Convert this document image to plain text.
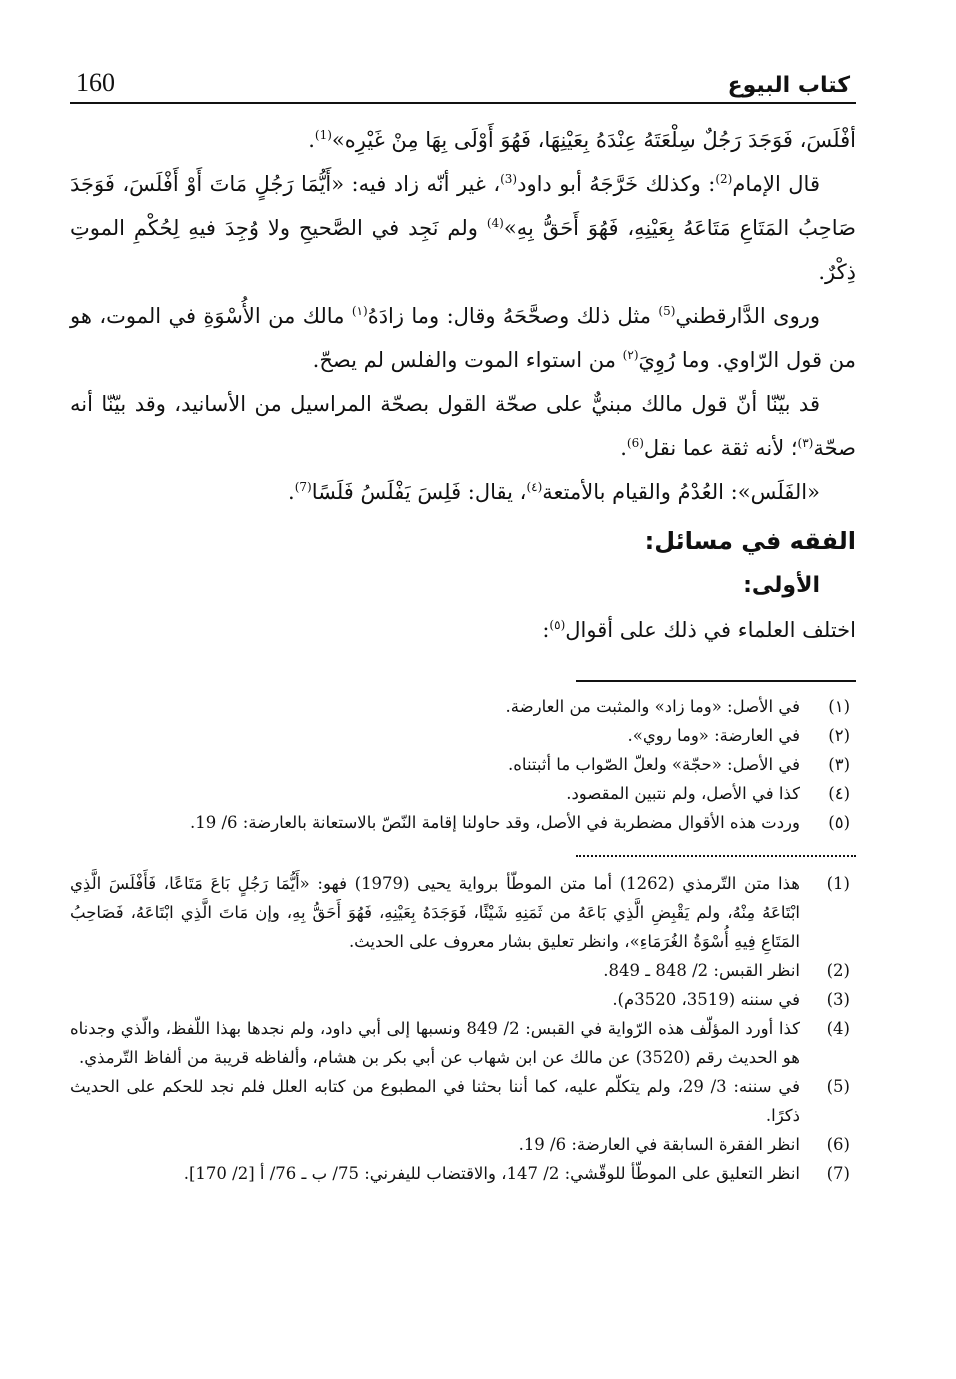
كتاب البيوع
160

أفْلَسَ، فَوَجَدَ رَجُلٌ سِلْعَتَهُ عِنْدَهُ بِعَيْنِهَا، فَهُوَ أَوْلَى بِهَا مِنْ غَيْرِه»$^{(1)}$.

قال الإمام$^{(2)}$: وكذلك خَرَّجَهُ أبو داود$^{(3)}$، غير أنّه زاد فيه: «أَيُّمَا رَجُلٍ مَاتَ أَوْ أَفْلَسَ، فَوَجَدَ صَاحِبُ المَتَاعِ مَتَاعَهُ بِعَيْنِهِ، فَهُوَ أَحَقُّ بِهِ»$^{(4)}$ ولم نَجِد في الصَّحيحِ ولا وُجِدَ فيهِ لِحُكْمِ الموتِ ذِكْرٌ.

وروى الدَّارقطني$^{(5)}$ مثل ذلك وصحَّحَهُ وقال: وما زادَهُ$^{(١)}$ مالك من الأُسْوَةِ في الموت، هو من قول الرّاوي. وما رُوِيَ$^{(٢)}$ من استواء الموت والفلس لم يصحّ.

قد بيّنّا أنّ قول مالك مبنيٌّ على صحّة القول بصحّة المراسيل من الأسانيد، وقد بيّنّا أنه صحّة$^{(٣)}$؛ لأنه ثقة عما نقل$^{(6)}$.

«الفَلَس»: العُدْمُ والقيام بالأمتعة$^{(٤)}$، يقال: فَلِسَ يَفْلَسُ فَلَسًا$^{(7)}$.

الفقه في مسائل:
الأولى:

اختلف العلماء في ذلك على أقوال$^{(٥)}$:

(١)
في الأصل: «وما زاد» والمثبت من العارضة.
(٢)
في العارضة: «وما روي».
(٣)
في الأصل: «حجّة» ولعلّ الصّواب ما أثبتناه.
(٤)
كذا في الأصل، ولم نتبين المقصود.
(٥)
وردت هذه الأقوال مضطربة في الأصل، وقد حاولنا إقامة النّصّ بالاستعانة بالعارضة: 6/ 19.
(1)
هذا متن التّرمذي (1262) أما متن الموطّأ برواية يحيى (1979) فهو: «أَيُّمَا رَجُلٍ بَاعَ مَتَاعًا، فَأَفْلَسَ الَّذِي ابْتَاعَهُ مِنْهُ، ولم يَقْبِضِ الَّذِي بَاعَهُ من ثَمَنِهِ شَيْئًا، فَوَجَدَهُ بِعَيْنِهِ، فَهُوَ أَحَقُّ بِهِ، وإن مَاتَ الَّذِي ابْتَاعَهُ، فَصَاحِبُ المَتَاعِ فِيهِ أُسْوَةُ الغُرَمَاءِ»، وانظر تعليق بشار معروف على الحديث.
(2)
انظر القبس: 2/ 848 ـ 849.
(3)
في سننه (3519، 3520م).
(4)
كذا أورد المؤلّف هذه الرّواية في القبس: 2/ 849 ونسبها إلى أبي داود، ولم نجدها بهذا اللّفظ، والّذي وجدناه هو الحديث رقم (3520) عن مالك عن ابن شهاب عن أبي بكر بن هشام، وألفاظه قريبة من ألفاظ التّرمذي.
(5)
في سننه: 3/ 29، ولم يتكلّم عليه، كما أننا بحثنا في المطبوع من كتابه العلل فلم نجد للحكم على الحديث ذكرًا.
(6)
انظر الفقرة السابقة في العارضة: 6/ 19.
(7)
انظر التعليق على الموطّأ للوقّشي: 2/ 147، والاقتضاب لليفرني: 75/ ب ـ 76/ أ [2/ 170].
